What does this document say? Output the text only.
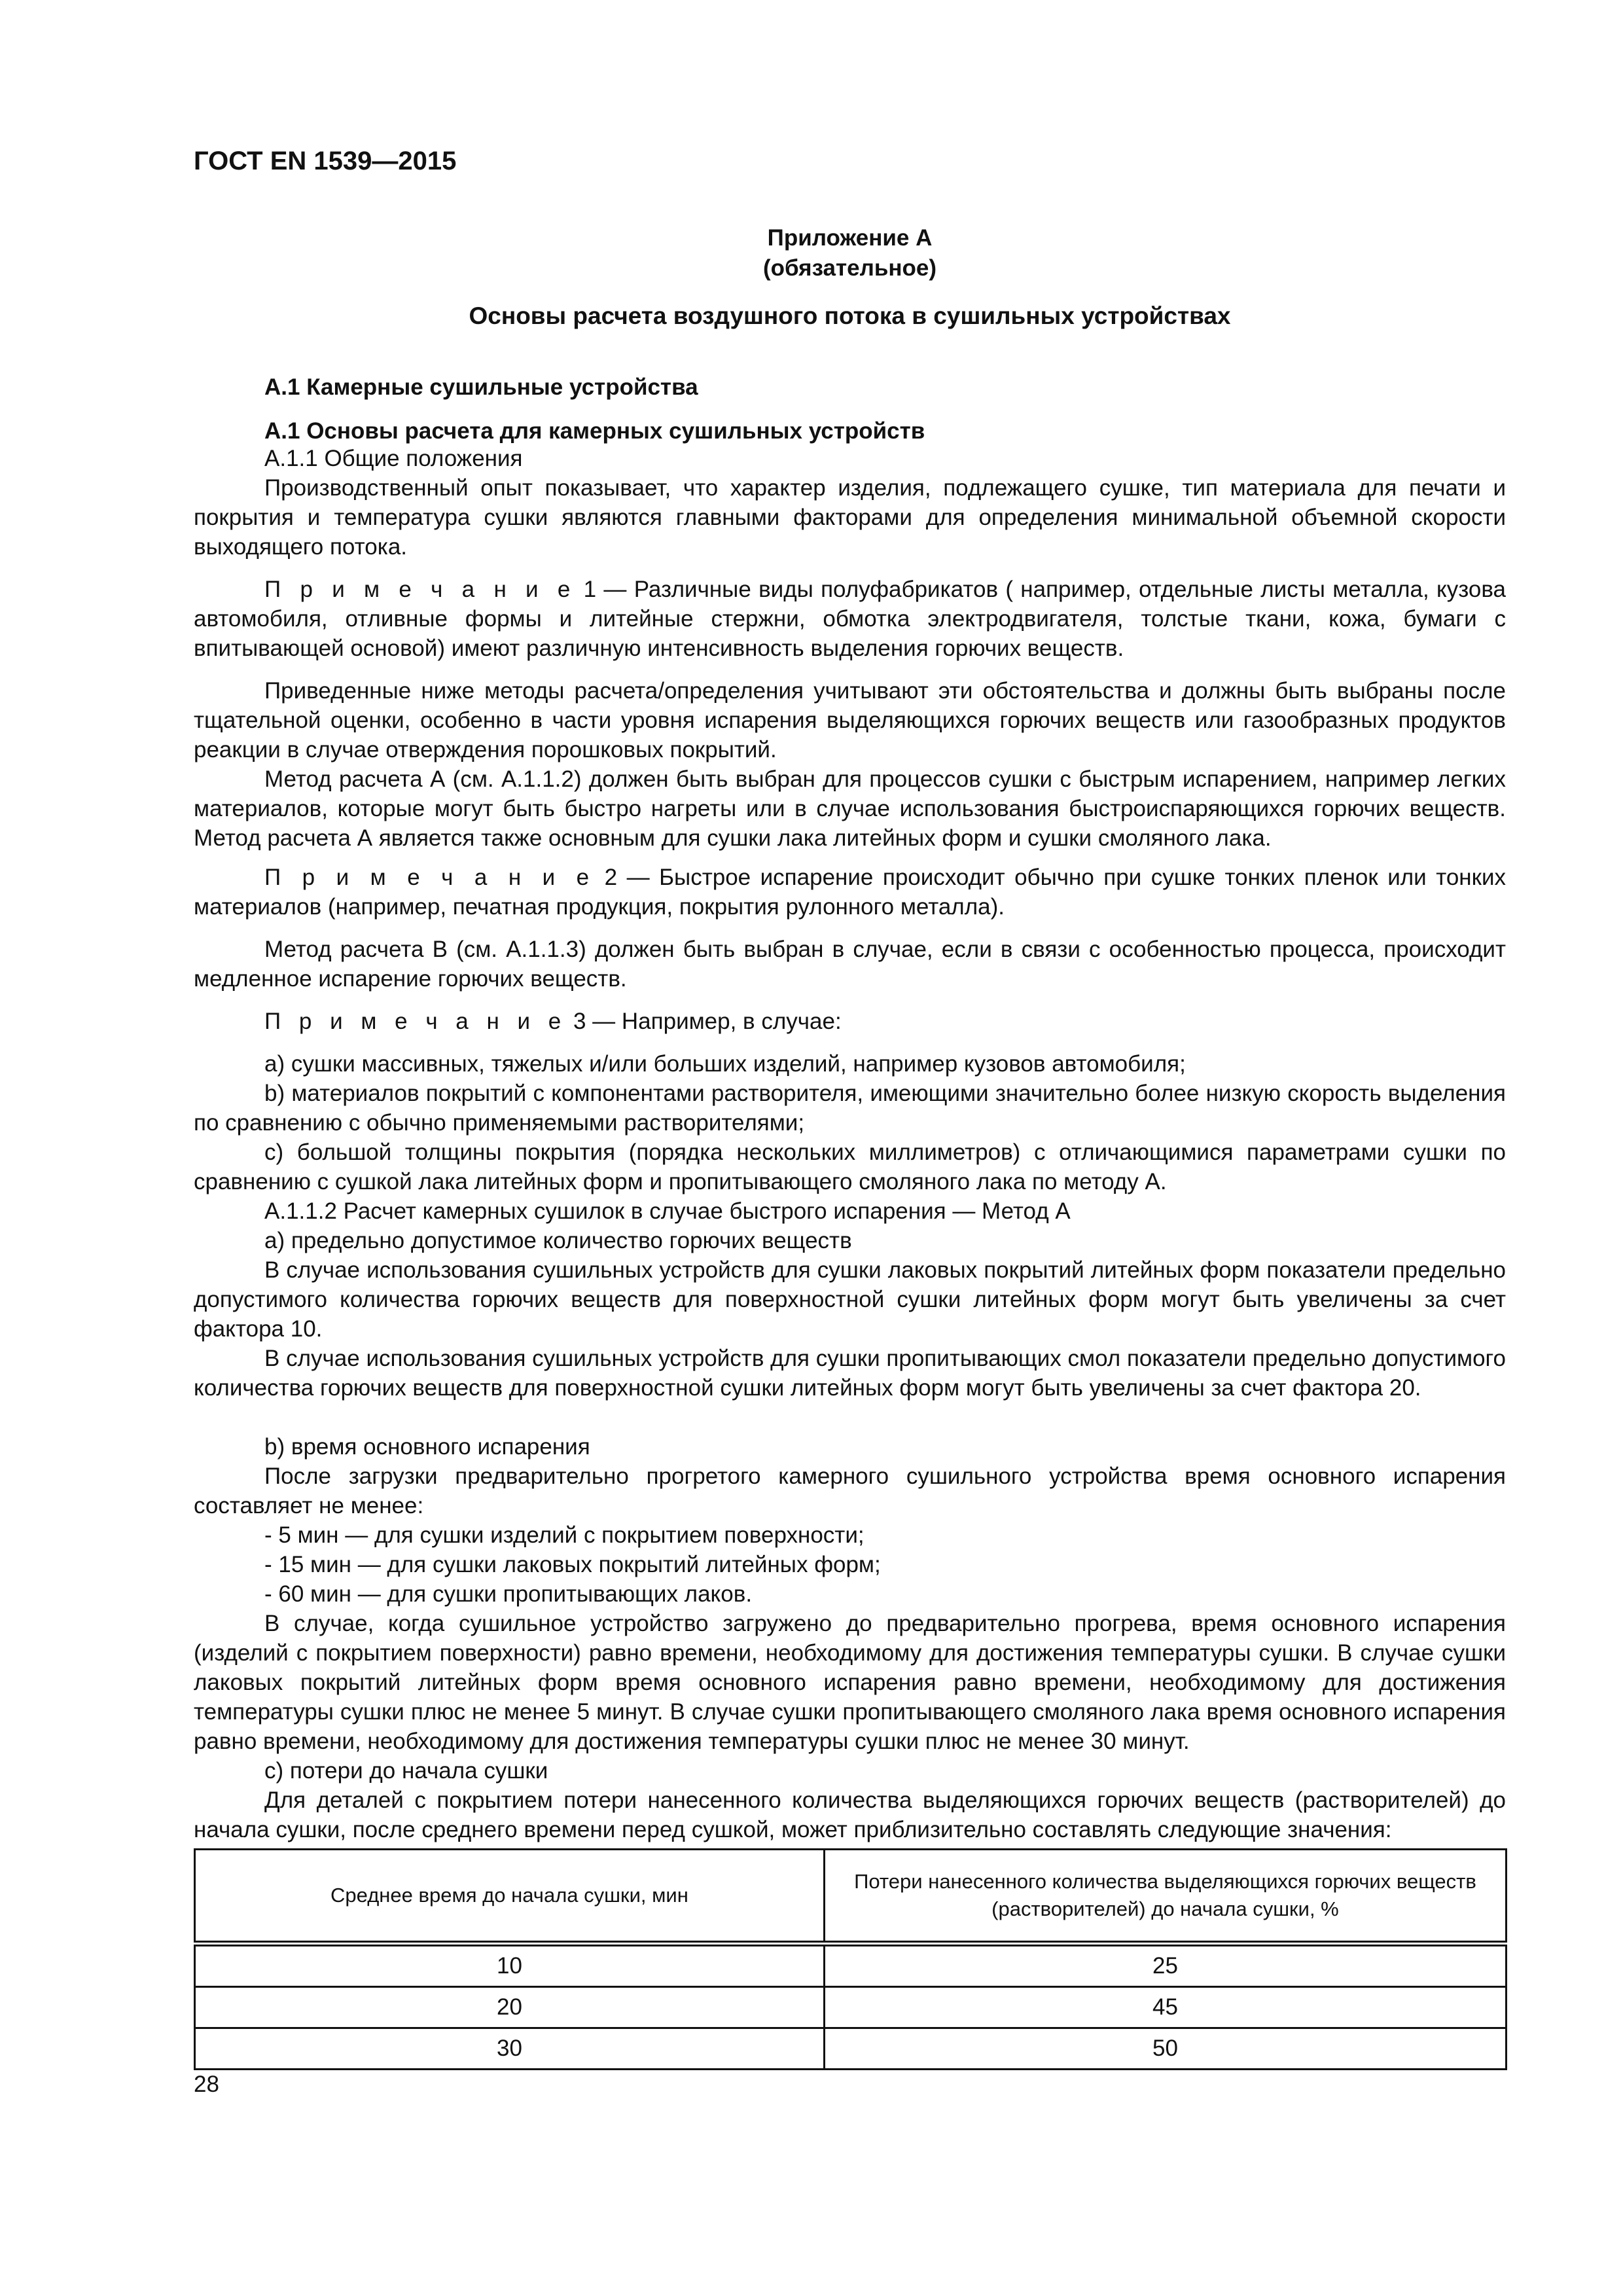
ГОСТ EN 1539—2015
Приложение A
(обязательное)
Основы расчета воздушного потока в сушильных устройствах
А.1 Камерные сушильные устройства
А.1 Основы расчета для камерных сушильных устройств
А.1.1 Общие положения

Производственный опыт показывает, что характер изделия, подлежащего сушке, тип материала для печати и покрытия и температура сушки являются главными факторами для определения минимальной объемной скорости выходящего потока.

П р и м е ч а н и е 1 — Различные виды полуфабрикатов ( например, отдельные листы металла, кузова автомобиля, отливные формы и литейные стержни, обмотка электродвигателя, толстые ткани, кожа, бумаги с впитывающей основой) имеют различную интенсивность выделения горючих веществ.

Приведенные ниже методы расчета/определения учитывают эти обстоятельства и должны быть выбраны после тщательной оценки, особенно в части уровня испарения выделяющихся горючих веществ или газообразных продуктов реакции в случае отверждения порошковых покрытий.

Метод расчета А (см. А.1.1.2) должен быть выбран для процессов сушки с быстрым испарением, например легких материалов, которые могут быть быстро нагреты или в случае использования быстроиспаряющихся горючих веществ. Метод расчета А является также основным для сушки лака литейных форм и сушки смоляного лака.

П р и м е ч а н и е 2 — Быстрое испарение происходит обычно при сушке тонких пленок или тонких материалов (например, печатная продукция, покрытия рулонного металла).

Метод расчета В (см. А.1.1.3) должен быть выбран в случае, если в связи с особенностью процесса, происходит медленное испарение горючих веществ.

П р и м е ч а н и е 3 — Например, в случае:

a) сушки массивных, тяжелых и/или больших изделий, например кузовов автомобиля;

b) материалов покрытий с компонентами растворителя, имеющими значительно более низкую скорость выделения по сравнению с обычно применяемыми растворителями;

c) большой толщины покрытия (порядка нескольких миллиметров) с отличающимися параметрами сушки по сравнению с сушкой лака литейных форм и пропитывающего смоляного лака по методу А.

А.1.1.2 Расчет камерных сушилок в случае быстрого испарения — Метод А
a) предельно допустимое количество горючих веществ

В случае использования сушильных устройств для сушки лаковых покрытий литейных форм показатели предельно допустимого количества горючих веществ для поверхностной сушки литейных форм могут быть увеличены за счет фактора 10.

В случае использования сушильных устройств для сушки пропитывающих смол показатели предельно допустимого количества горючих веществ для поверхностной сушки литейных форм могут быть увеличены за счет фактора 20.

b) время основного испарения

После загрузки предварительно прогретого камерного сушильного устройства время основного испарения составляет не менее:

- 5 мин — для сушки изделий с покрытием поверхности;
- 15 мин — для сушки лаковых покрытий литейных форм;
- 60 мин — для сушки пропитывающих лаков.

В случае, когда сушильное устройство загружено до предварительно прогрева, время основного испарения (изделий с покрытием поверхности) равно времени, необходимому для достижения температуры сушки. В случае сушки лаковых покрытий литейных форм время основного испарения равно времени, необходимому для достижения температуры сушки плюс не менее 5 минут. В случае сушки пропитывающего смоляного лака время основного испарения равно времени, необходимому для достижения температуры сушки плюс не менее 30 минут.

c) потери до начала сушки

Для деталей с покрытием потери нанесенного количества выделяющихся горючих веществ (растворителей) до начала сушки, после среднего времени перед сушкой, может приблизительно составлять следующие значения:

Среднее время до начала сушки, мин	Потери нанесенного количества выделяющихся горючих веществ (растворителей) до начала сушки, %
10	25
20	45
30	50
28
